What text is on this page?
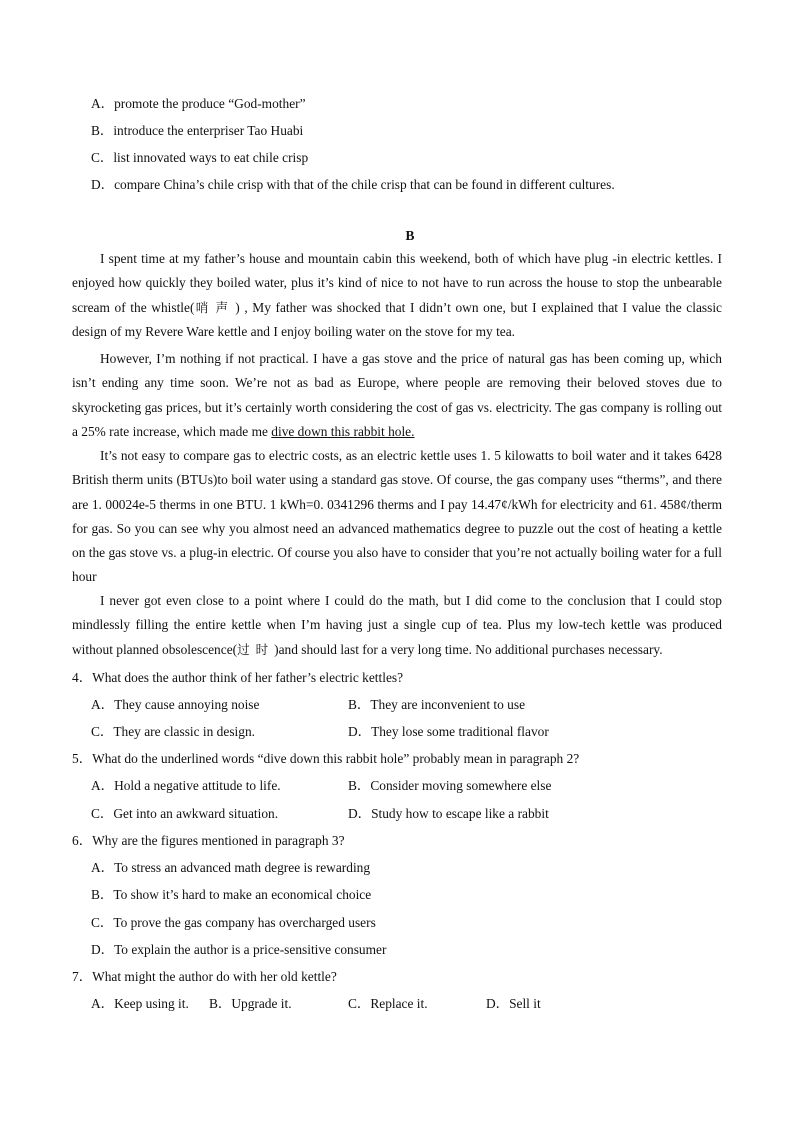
A．promote the produce “God-mother”
B．introduce the enterpriser Tao Huabi
C．list innovated ways to eat chile crisp
D．compare China’s chile crisp with that of the chile crisp that can be found in different cultures.
B
I spent time at my father’s house and mountain cabin this weekend, both of which have plug -in electric kettles. I enjoyed how quickly they boiled water, plus it’s kind of nice to not have to run across the house to stop the unbearable scream of the whistle(哨声) , My father was shocked that I didn’t own one, but I explained that I value the classic design of my Revere Ware kettle and I enjoy boiling water on the stove for my tea.
However, I’m nothing if not practical. I have a gas stove and the price of natural gas has been coming up, which isn’t ending any time soon. We’re not as bad as Europe, where people are removing their beloved stoves due to skyrocketing gas prices, but it’s certainly worth considering the cost of gas vs. electricity. The gas company is rolling out a 25% rate increase, which made me dive down this rabbit hole.
It’s not easy to compare gas to electric costs, as an electric kettle uses 1. 5 kilowatts to boil water and it takes 6428 British therm units (BTUs)to boil water using a standard gas stove. Of course, the gas company uses “therms”, and there are 1. 00024e-5 therms in one BTU. 1 kWh=0. 0341296 therms and I pay 14.47¢/kWh for electricity and 61. 458¢/therm for gas. So you can see why you almost need an advanced mathematics degree to puzzle out the cost of heating a kettle on the gas stove vs. a plug-in electric. Of course you also have to consider that you’re not actually boiling water for a full hour
I never got even close to a point where I could do the math, but I did come to the conclusion that I could stop mindlessly filling the entire kettle when I’m having just a single cup of tea. Plus my low-tech kettle was produced without planned obsolescence(过时)and should last for a very long time. No additional purchases necessary.
4．What does the author think of her father’s electric kettles?
A．They cause annoying noise	B．They are inconvenient to use
C．They are classic in design.	D．They lose some traditional flavor
5．What do the underlined words “dive down this rabbit hole” probably mean in paragraph 2?
A．Hold a negative attitude to life.	B．Consider moving somewhere else
C．Get into an awkward situation.	D．Study how to escape like a rabbit
6．Why are the figures mentioned in paragraph 3?
A．To stress an advanced math degree is rewarding
B．To show it’s hard to make an economical choice
C．To prove the gas company has overcharged users
D．To explain the author is a price-sensitive consumer
7．What might the author do with her old kettle?
A．Keep using it. B．Upgrade it.	C．Replace it.	D．Sell it
